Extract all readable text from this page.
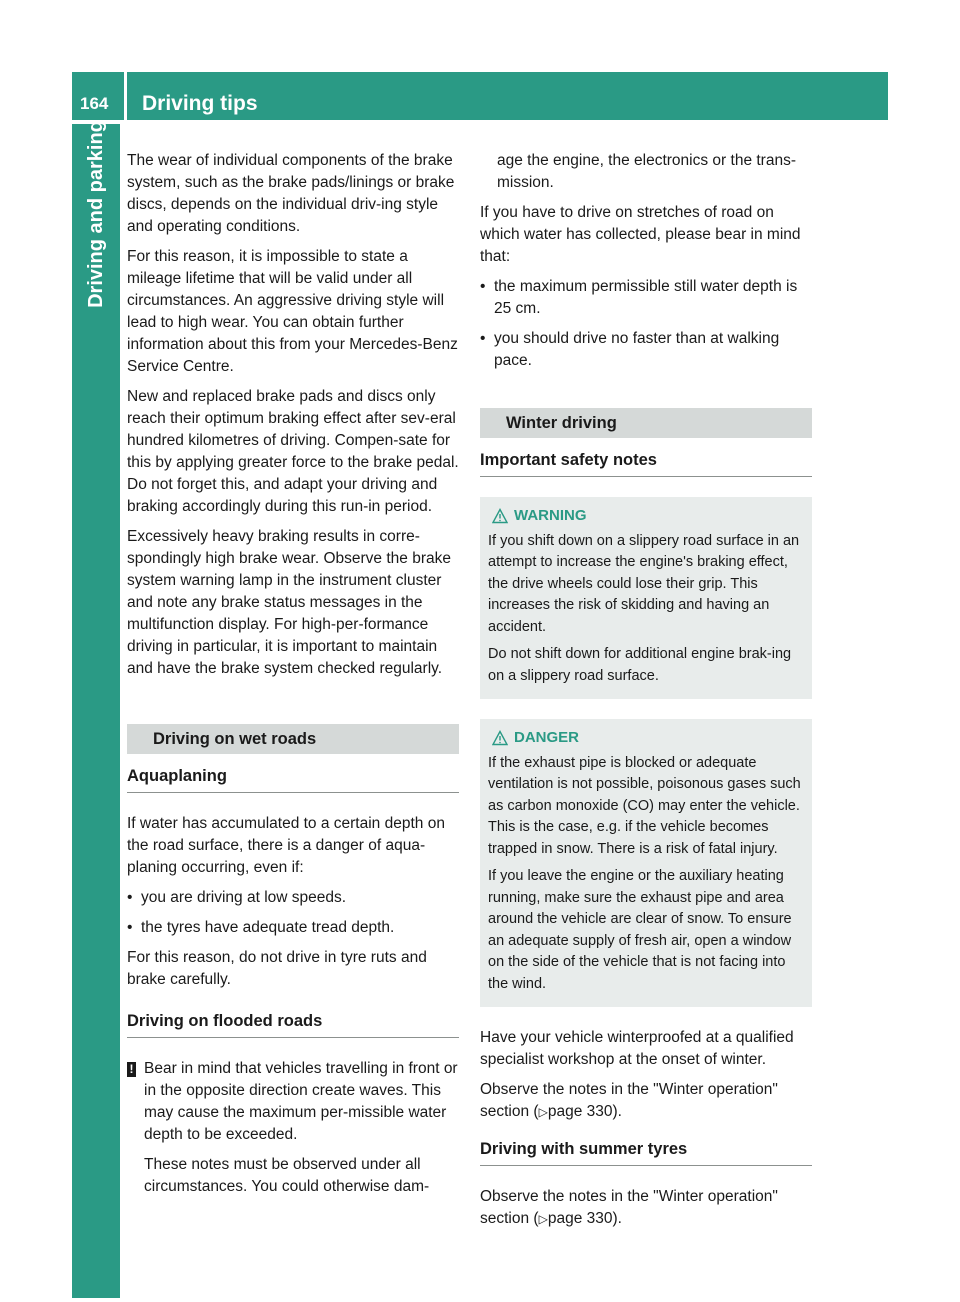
164	Driving tips
Driving and parking The wear of individual components of the brake system, such as the brake pads/linings or brake discs, depends on the individual driv-ing style and operating conditions.

For this reason, it is impossible to state a mileage lifetime that will be valid under all circumstances. An aggressive driving style will lead to high wear. You can obtain further information about this from your Mercedes-Benz Service Centre.

New and replaced brake pads and discs only reach their optimum braking effect after sev-eral hundred kilometres of driving. Compen-sate for this by applying greater force to the brake pedal. Do not forget this, and adapt your driving and braking accordingly during this run-in period.

Excessively heavy braking results in corre-spondingly high brake wear. Observe the brake system warning lamp in the instrument cluster and note any brake status messages in the multifunction display. For high-per-formance driving in particular, it is important to maintain and have the brake system checked regularly.

Driving on wet roads
Aquaplaning

If water has accumulated to a certain depth on the road surface, there is a danger of aqua-planing occurring, even if:

• you are driving at low speeds.
• the tyres have adequate tread depth.

For this reason, do not drive in tyre ruts and brake carefully.

Driving on flooded roads
! Bear in mind that vehicles travelling in front or in the opposite direction create waves. This may cause the maximum per-missible water depth to be exceeded.

These notes must be observed under all circumstances. You could otherwise dam-

age the engine, the electronics or the trans-mission.

If you have to drive on stretches of road on which water has collected, please bear in mind that:

• the maximum permissible still water depth is 25 cm.
• you should drive no faster than at walking pace.
Winter driving
Important safety notes
WARNING

If you shift down on a slippery road surface in an attempt to increase the engine's braking effect, the drive wheels could lose their grip. This increases the risk of skidding and having an accident.

Do not shift down for additional engine brak-ing on a slippery road surface.

DANGER

If the exhaust pipe is blocked or adequate ventilation is not possible, poisonous gases such as carbon monoxide (CO) may enter the vehicle. This is the case, e.g. if the vehicle becomes trapped in snow. There is a risk of fatal injury.

If you leave the engine or the auxiliary heating running, make sure the exhaust pipe and area around the vehicle are clear of snow. To ensure an adequate supply of fresh air, open a window on the side of the vehicle that is not facing into the wind.

Have your vehicle winterproofed at a qualified specialist workshop at the onset of winter.

Observe the notes in the "Winter operation" section (▷page 330).

Driving with summer tyres

Observe the notes in the "Winter operation" section (▷page 330).
